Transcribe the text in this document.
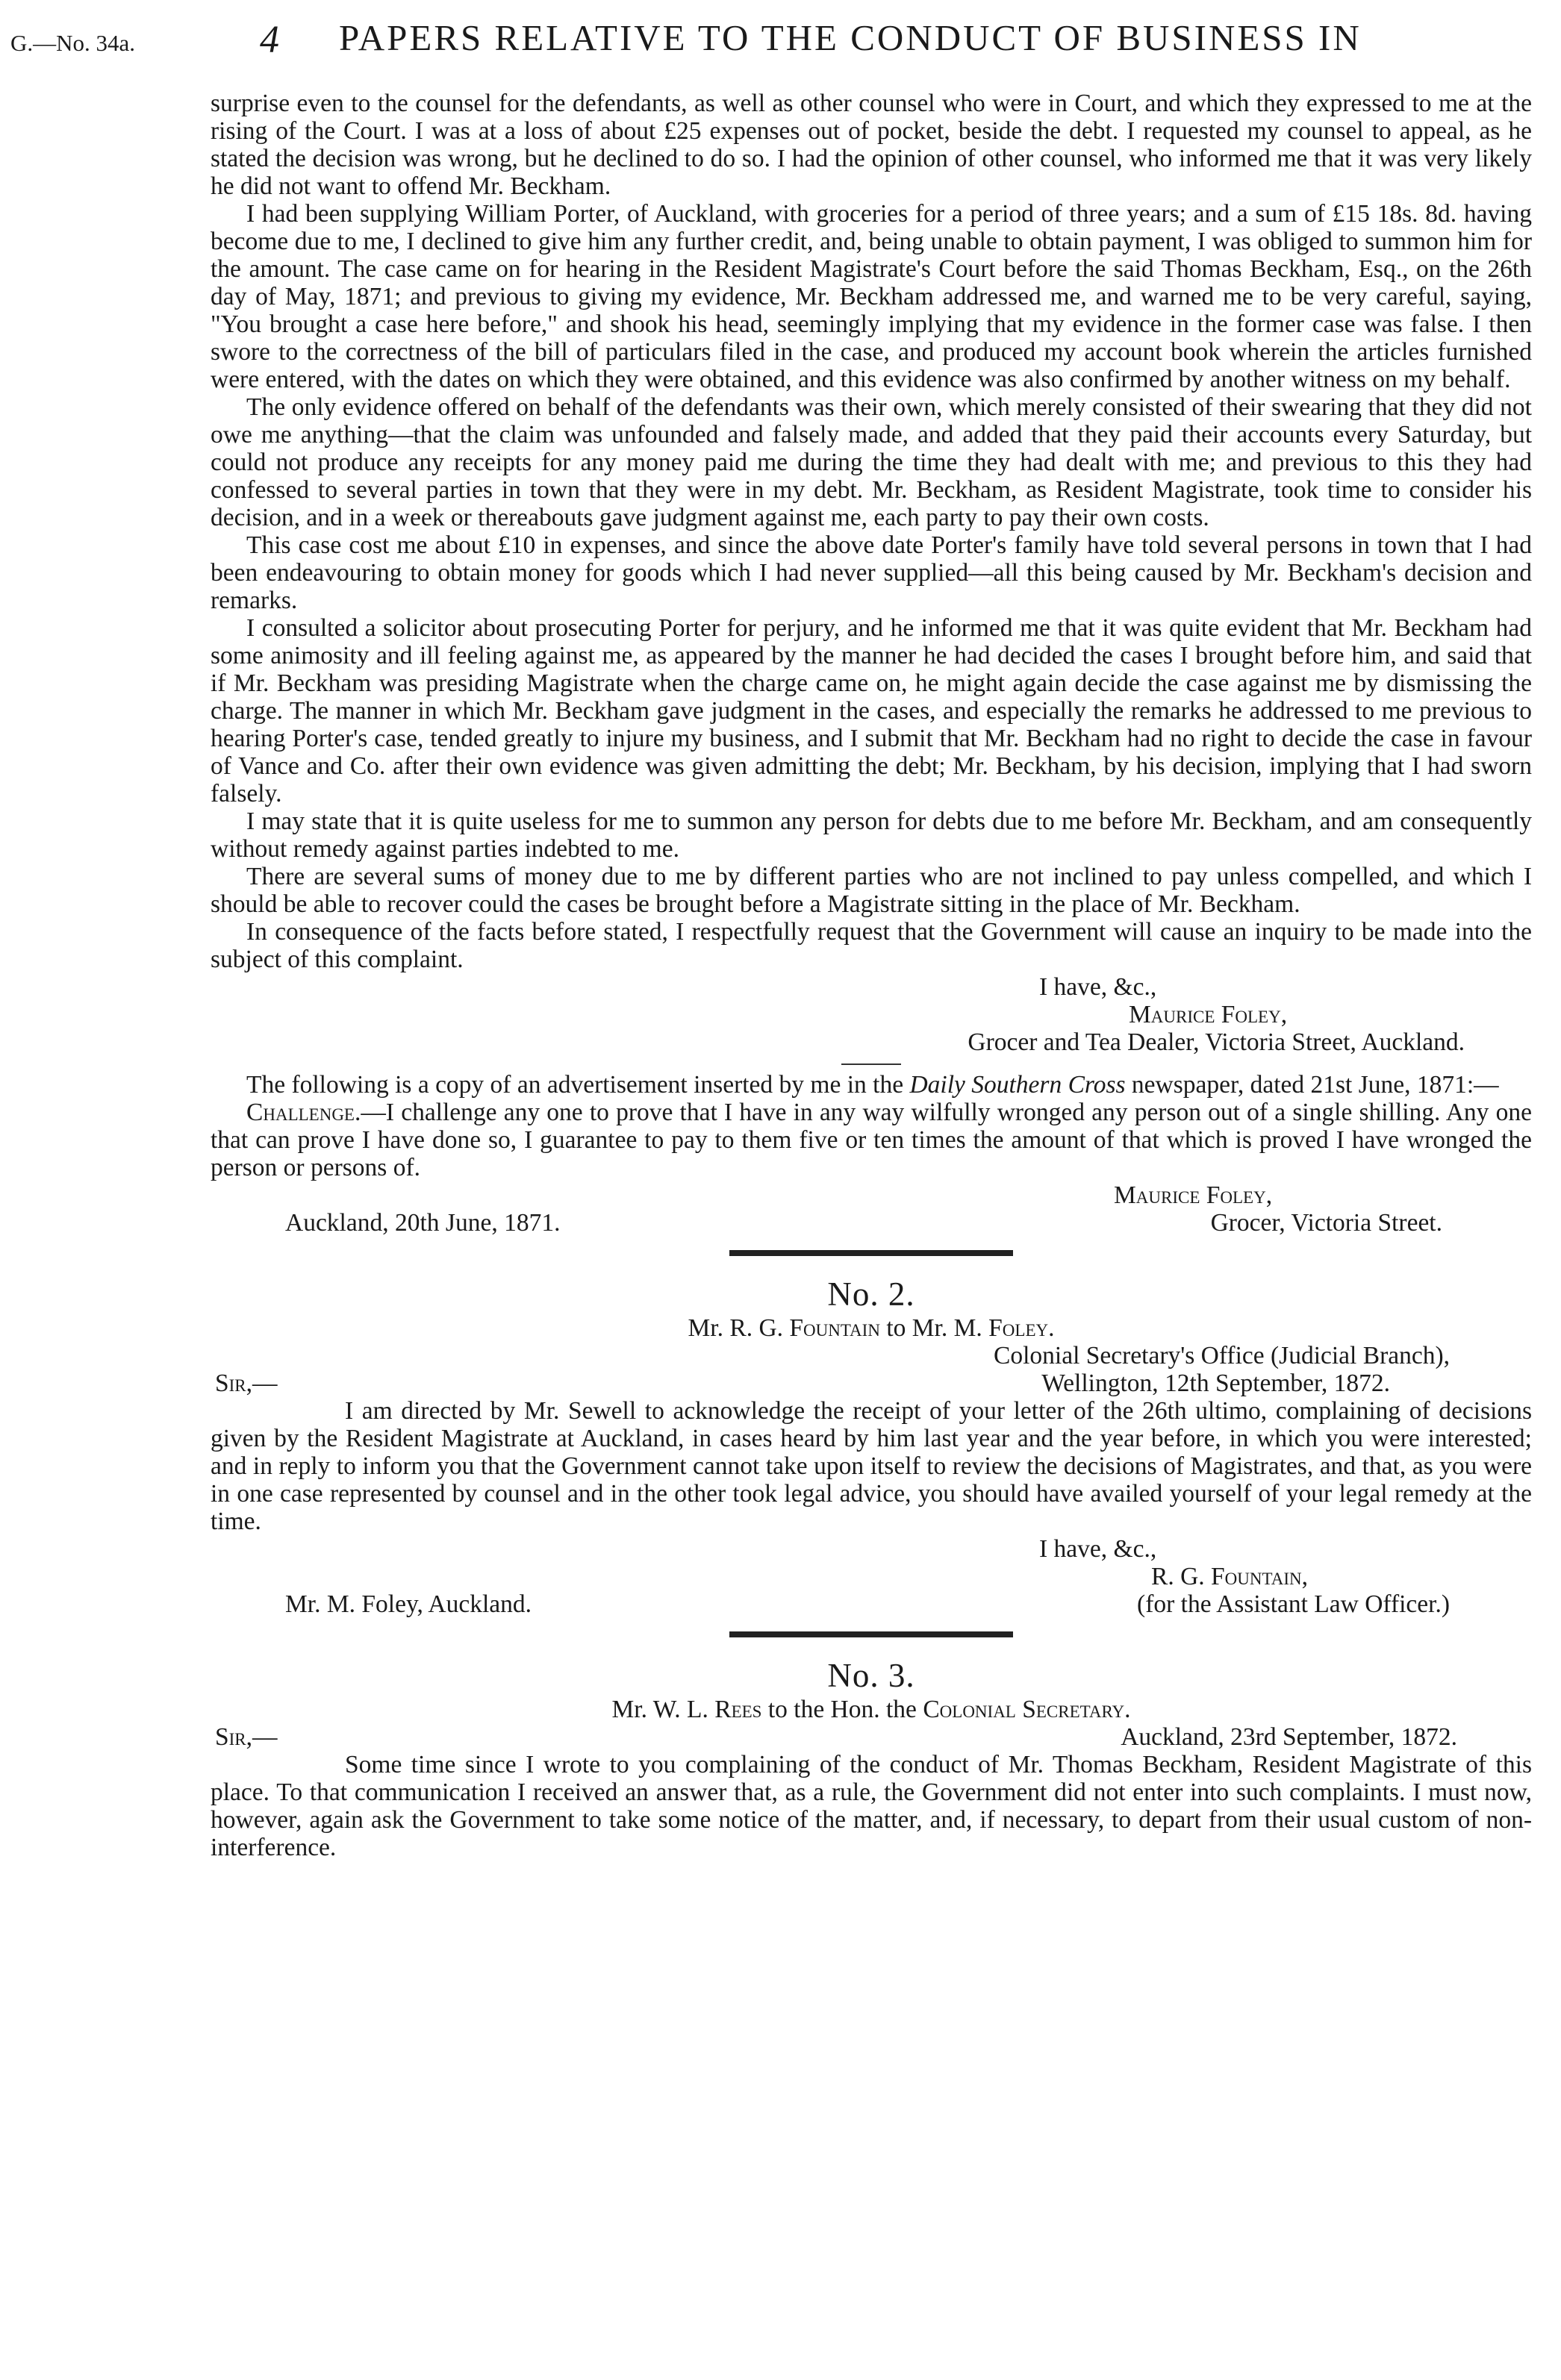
G.—No. 34a.	4 PAPERS RELATIVE TO THE CONDUCT OF BUSINESS IN

surprise even to the counsel for the defendants, as well as other counsel who were in Court, and which they expressed to me at the rising of the Court. I was at a loss of about £25 expenses out of pocket, beside the debt. I requested my counsel to appeal, as he stated the decision was wrong, but he declined to do so. I had the opinion of other counsel, who informed me that it was very likely he did not want to offend Mr. Beckham.

I had been supplying William Porter, of Auckland, with groceries for a period of three years; and a sum of £15 18s. 8d. having become due to me, I declined to give him any further credit, and, being unable to obtain payment, I was obliged to summon him for the amount. The case came on for hearing in the Resident Magistrate's Court before the said Thomas Beckham, Esq., on the 26th day of May, 1871; and previous to giving my evidence, Mr. Beckham addressed me, and warned me to be very careful, saying, "You brought a case here before," and shook his head, seemingly implying that my evidence in the former case was false. I then swore to the correctness of the bill of particulars filed in the case, and produced my account book wherein the articles furnished were entered, with the dates on which they were obtained, and this evidence was also confirmed by another witness on my behalf.

The only evidence offered on behalf of the defendants was their own, which merely consisted of their swearing that they did not owe me anything—that the claim was unfounded and falsely made, and added that they paid their accounts every Saturday, but could not produce any receipts for any money paid me during the time they had dealt with me; and previous to this they had confessed to several parties in town that they were in my debt. Mr. Beckham, as Resident Magistrate, took time to consider his decision, and in a week or thereabouts gave judgment against me, each party to pay their own costs.

This case cost me about £10 in expenses, and since the above date Porter's family have told several persons in town that I had been endeavouring to obtain money for goods which I had never supplied—all this being caused by Mr. Beckham's decision and remarks.

I consulted a solicitor about prosecuting Porter for perjury, and he informed me that it was quite evident that Mr. Beckham had some animosity and ill feeling against me, as appeared by the manner he had decided the cases I brought before him, and said that if Mr. Beckham was presiding Magistrate when the charge came on, he might again decide the case against me by dismissing the charge. The manner in which Mr. Beckham gave judgment in the cases, and especially the remarks he addressed to me previous to hearing Porter's case, tended greatly to injure my business, and I submit that Mr. Beckham had no right to decide the case in favour of Vance and Co. after their own evidence was given admitting the debt; Mr. Beckham, by his decision, implying that I had sworn falsely.

I may state that it is quite useless for me to summon any person for debts due to me before Mr. Beckham, and am consequently without remedy against parties indebted to me.

There are several sums of money due to me by different parties who are not inclined to pay unless compelled, and which I should be able to recover could the cases be brought before a Magistrate sitting in the place of Mr. Beckham.

In consequence of the facts before stated, I respectfully request that the Government will cause an inquiry to be made into the subject of this complaint.

I have, &c.,
Maurice Foley,
Grocer and Tea Dealer, Victoria Street, Auckland.

The following is a copy of an advertisement inserted by me in the Daily Southern Cross newspaper, dated 21st June, 1871:—

Challenge.—I challenge any one to prove that I have in any way wilfully wronged any person out of a single shilling. Any one that can prove I have done so, I guarantee to pay to them five or ten times the amount of that which is proved I have wronged the person or persons of.

Maurice Foley,
Auckland, 20th June, 1871.	Grocer, Victoria Street.
No. 2.
Mr. R. G. Fountain to Mr. M. Foley.
Colonial Secretary's Office (Judicial Branch),
Sir,—	Wellington, 12th September, 1872.

I am directed by Mr. Sewell to acknowledge the receipt of your letter of the 26th ultimo, complaining of decisions given by the Resident Magistrate at Auckland, in cases heard by him last year and the year before, in which you were interested; and in reply to inform you that the Government cannot take upon itself to review the decisions of Magistrates, and that, as you were in one case represented by counsel and in the other took legal advice, you should have availed yourself of your legal remedy at the time.

I have, &c.,
R. G. Fountain,
Mr. M. Foley, Auckland.	(for the Assistant Law Officer.)
No. 3.
Mr. W. L. Rees to the Hon. the Colonial Secretary.
Sir,—	Auckland, 23rd September, 1872.

Some time since I wrote to you complaining of the conduct of Mr. Thomas Beckham, Resident Magistrate of this place. To that communication I received an answer that, as a rule, the Government did not enter into such complaints. I must now, however, again ask the Government to take some notice of the matter, and, if necessary, to depart from their usual custom of non-interference.
